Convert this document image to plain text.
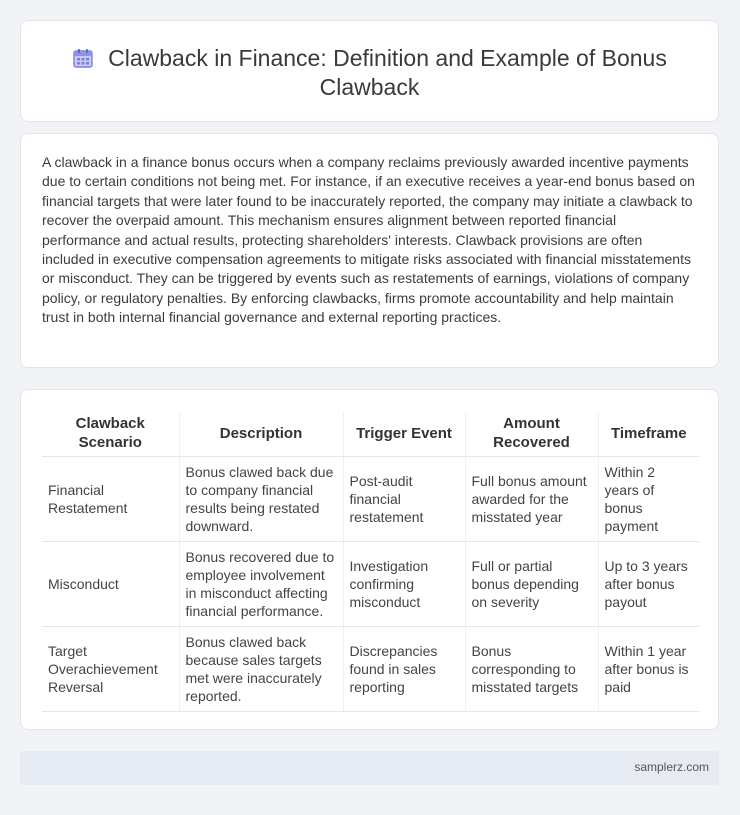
Clawback in Finance: Definition and Example of Bonus Clawback

A clawback in a finance bonus occurs when a company reclaims previously awarded incentive payments due to certain conditions not being met. For instance, if an executive receives a year-end bonus based on financial targets that were later found to be inaccurately reported, the company may initiate a clawback to recover the overpaid amount. This mechanism ensures alignment between reported financial performance and actual results, protecting shareholders' interests. Clawback provisions are often included in executive compensation agreements to mitigate risks associated with financial misstatements or misconduct. They can be triggered by events such as restatements of earnings, violations of company policy, or regulatory penalties. By enforcing clawbacks, firms promote accountability and help maintain trust in both internal financial governance and external reporting practices.

Clawback Scenario	Description	Trigger Event	Amount Recovered	Timeframe
Financial Restatement	Bonus clawed back due to company financial results being restated downward.	Post-audit financial restatement	Full bonus amount awarded for the misstated year	Within 2 years of bonus payment
Misconduct	Bonus recovered due to employee involvement in misconduct affecting financial performance.	Investigation confirming misconduct	Full or partial bonus depending on severity	Up to 3 years after bonus payout
Target Overachievement Reversal	Bonus clawed back because sales targets met were inaccurately reported.	Discrepancies found in sales reporting	Bonus corresponding to misstated targets	Within 1 year after bonus is paid
samplerz.com
